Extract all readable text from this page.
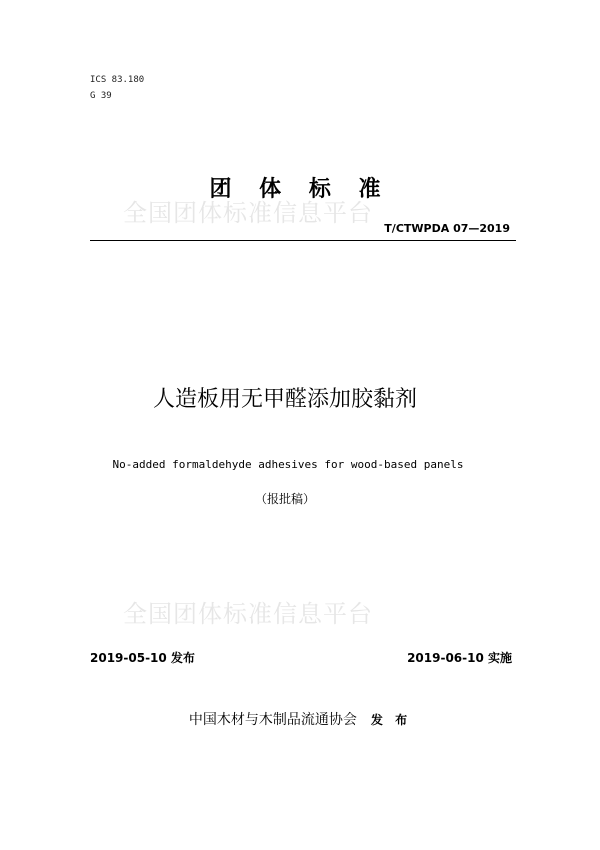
ICS 83.180
G 39
全国团体标准信息平台
团 体 标 准
T/CTWPDA 07—2019
人造板用无甲醛添加胶黏剂
No-added formaldehyde adhesives for wood-based panels
（报批稿）
全国团体标准信息平台
2019-05-10 发布	2019-06-10 实施
中国木材与木制品流通协会 发 布
